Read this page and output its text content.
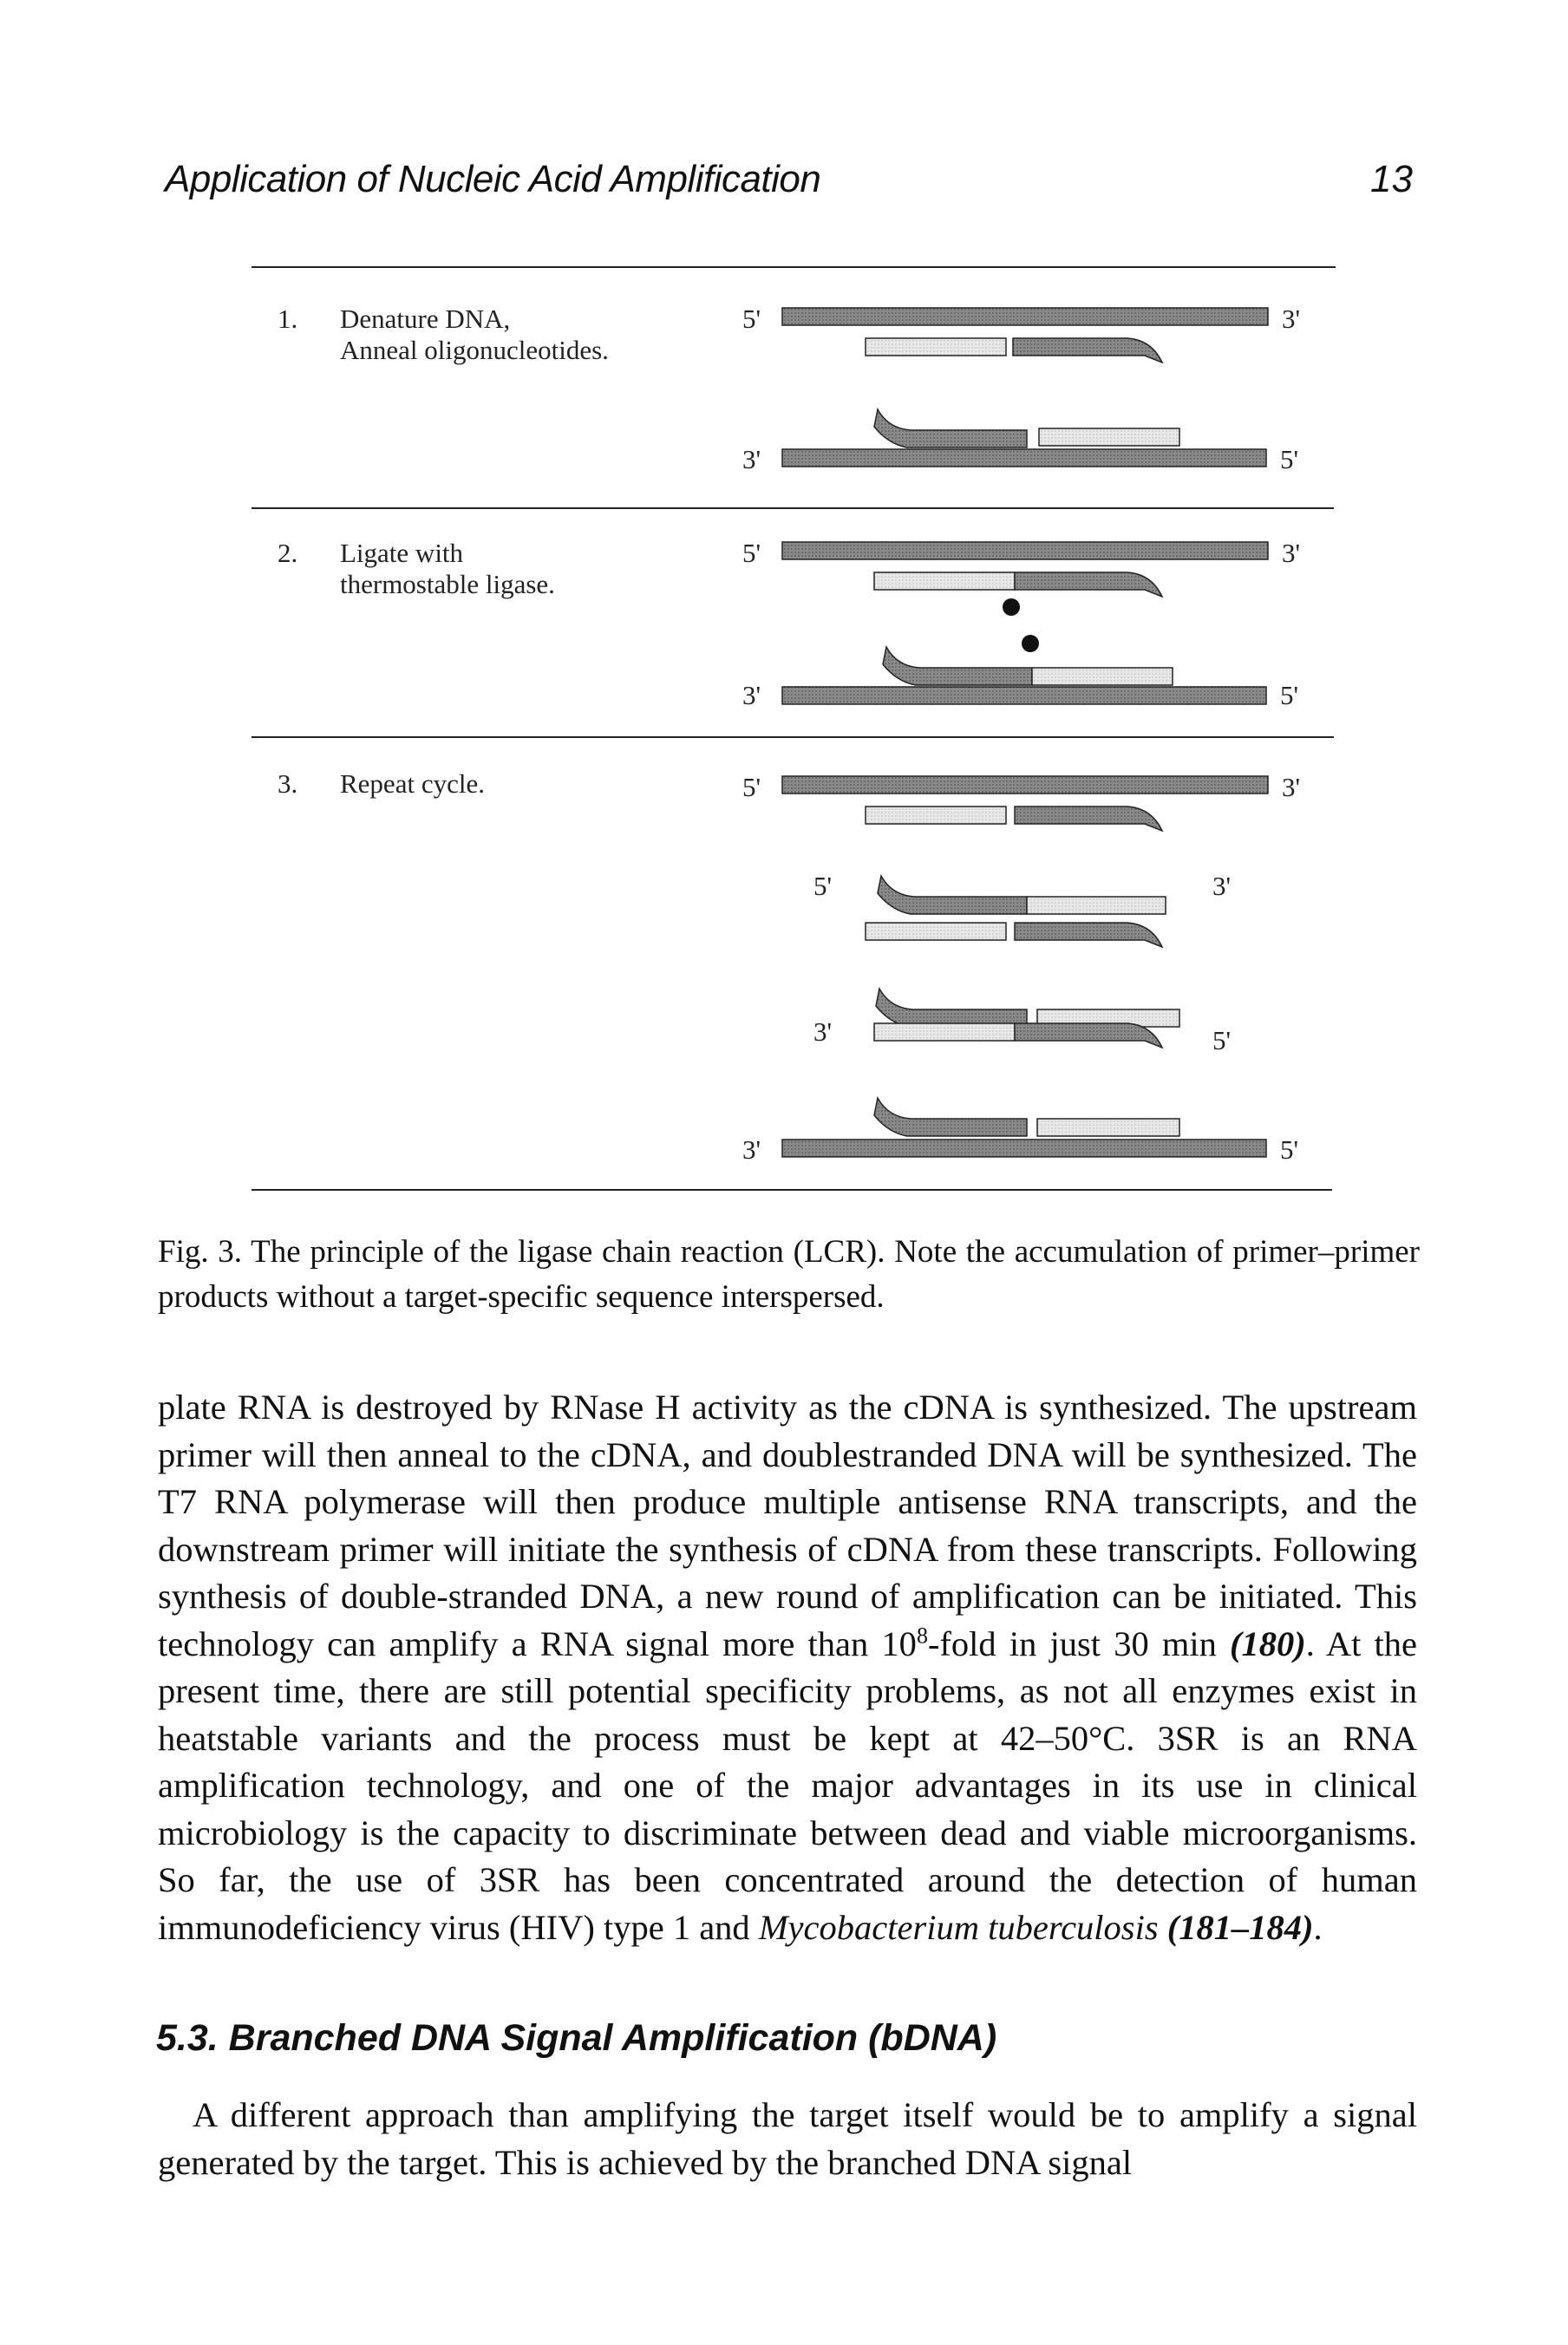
Application of Nucleic Acid Amplification	13
1. Denature DNA,
Anneal oligonucleotides.
2. Ligate with
thermostable ligase.
3. Repeat cycle.
5'	3'
3'	5'
5'	3'
3'	5'
5'	3'
5'	3'
3'	5'
3'	5'

Fig. 3. The principle of the ligase chain reaction (LCR). Note the accumulation of primer–primer products without a target-specific sequence interspersed.

plate RNA is destroyed by RNase H activity as the cDNA is synthesized. The upstream primer will then anneal to the cDNA, and doublestranded DNA will be synthesized. The T7 RNA polymerase will then produce multiple antisense RNA transcripts, and the downstream primer will initiate the synthesis of cDNA from these transcripts. Following synthesis of double-stranded DNA, a new round of amplification can be initiated. This technology can amplify a RNA signal more than $10^8$-fold in just 30 min (180). At the present time, there are still potential specificity problems, as not all enzymes exist in heatstable variants and the process must be kept at 42–50°C. 3SR is an RNA amplification technology, and one of the major advantages in its use in clinical microbiology is the capacity to discriminate between dead and viable microorganisms. So far, the use of 3SR has been concentrated around the detection of human immunodeficiency virus (HIV) type 1 and Mycobacterium tuberculosis (181–184).

5.3. Branched DNA Signal Amplification (bDNA)

A different approach than amplifying the target itself would be to amplify a signal generated by the target. This is achieved by the branched DNA signal
